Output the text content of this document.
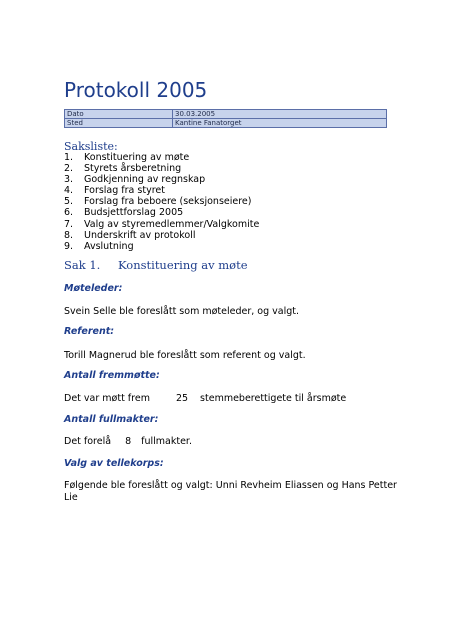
Protokoll 2005
Dato	30.03.2005
Sted	Kantine Fanatorget
Saksliste:
1. Konstituering av møte
2. Styrets årsberetning
3. Godkjenning av regnskap
4. Forslag fra styret
5. Forslag fra beboere (seksjonseiere)
6. Budsjettforslag 2005
7. Valg av styremedlemmer/Valgkomite
8. Underskrift av protokoll
9. Avslutning
Sak 1. Konstituering av møte
Møteleder:
Svein Selle ble foreslått som møteleder, og valgt.
Referent:
Torill Magnerud ble foreslått som referent og valgt.
Antall fremmøtte:
Det var møtt frem	25 stemmeberettigete til årsmøte
Antall fullmakter:
Det forelå 8 fullmakter.
Valg av tellekorps:
Følgende ble foreslått og valgt: Unni Revheim Eliassen og Hans Petter
Lie
